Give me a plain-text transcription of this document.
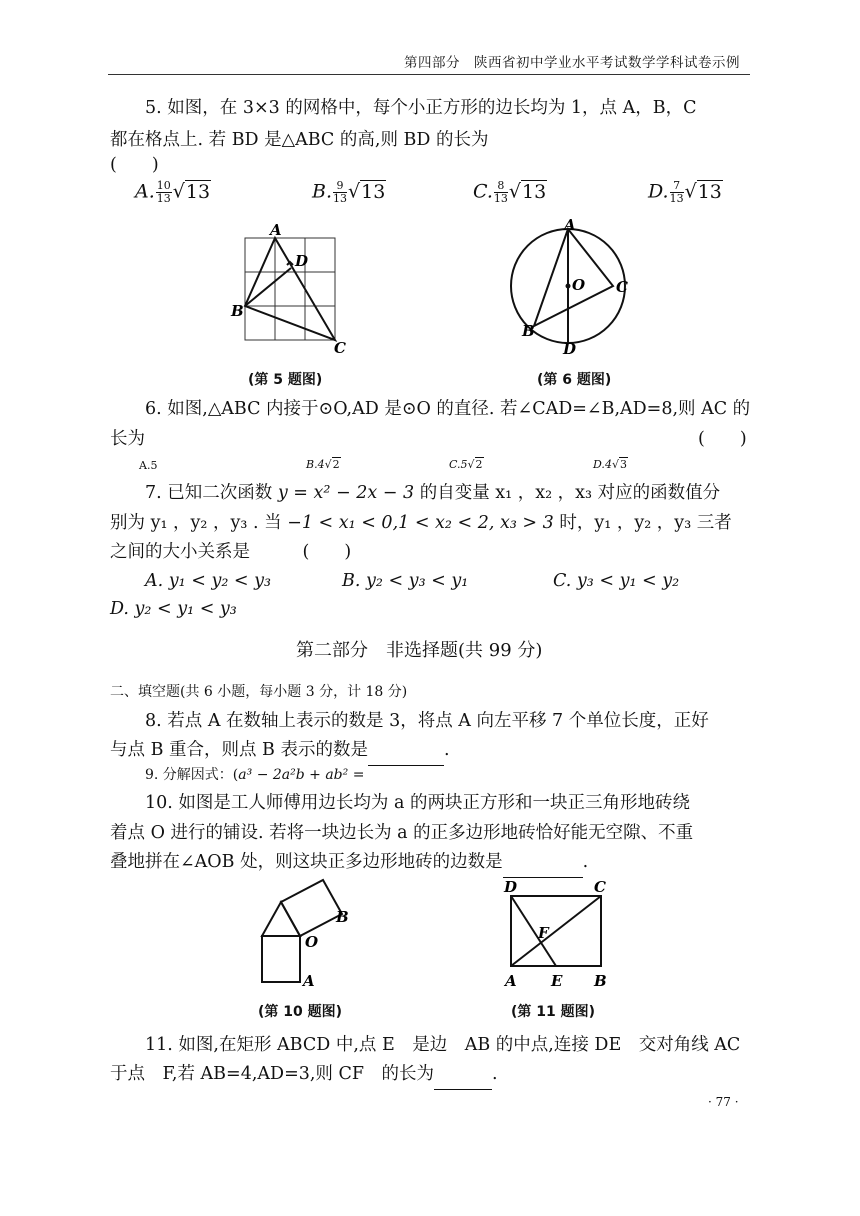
第四部分　陕西省初中学业水平考试数学学科试卷示例
5. 如图，在 3×3 的网格中，每个小正方形的边长均为 1，点 A，B，C
都在格点上. 若 BD 是△ABC 的高,则 BD 的长为
(　　)
A. $\frac{10}{13} √13$	B. $\frac{9}{13} √13$	C. $\frac{8}{13} √13$	D. $\frac{7}{13} √13$
A
D
B
C
(第 5 题图)
A
O C
B
D
(第 6 题图)
6. 如图,△ABC 内接于⊙O,AD 是⊙O 的直径. 若∠CAD=∠B,AD=8,则 AC 的
长为	(　　)
A.5	B.4√2	C.5√2	D.4√3
7. 已知二次函数 y = x² − 2x − 3 的自变量 x₁ ，x₂ ，x₃ 对应的函数值分
别为 y₁ ，y₂ ，y₃ . 当 −1 < x₁ < 0,1 < x₂ < 2, x₃ > 3 时，y₁ ，y₂ ，y₃ 三者
之间的大小关系是　　　(　　)
A. y₁ < y₂ < y₃	B. y₂ < y₃ < y₁	C. y₃ < y₁ < y₂
D. y₂ < y₁ < y₃
第二部分　非选择题(共 99 分)
二、填空题(共 6 小题，每小题 3 分，计 18 分)
8. 若点 A 在数轴上表示的数是 3，将点 A 向左平移 7 个单位长度，正好
与点 B 重合，则点 B 表示的数是	.
9. 分解因式：(a³ − 2a²b + ab² =
10. 如图是工人师傅用边长均为 a 的两块正方形和一块正三角形地砖绕
着点 O 进行的铺设. 若将一块边长为 a 的正多边形地砖恰好能无空隙、不重
叠地拼在∠AOB 处，则这块正多边形地砖的边数是	.
O
B
A
(第 10 题图)
D	C
F
A E B
(第 11 题图)
11. 如图,在矩形 ABCD 中,点 E　是边　AB 的中点,连接 DE　交对角线 AC
于点　F,若 AB=4,AD=3,则 CF　的长为	.
· 77 ·
